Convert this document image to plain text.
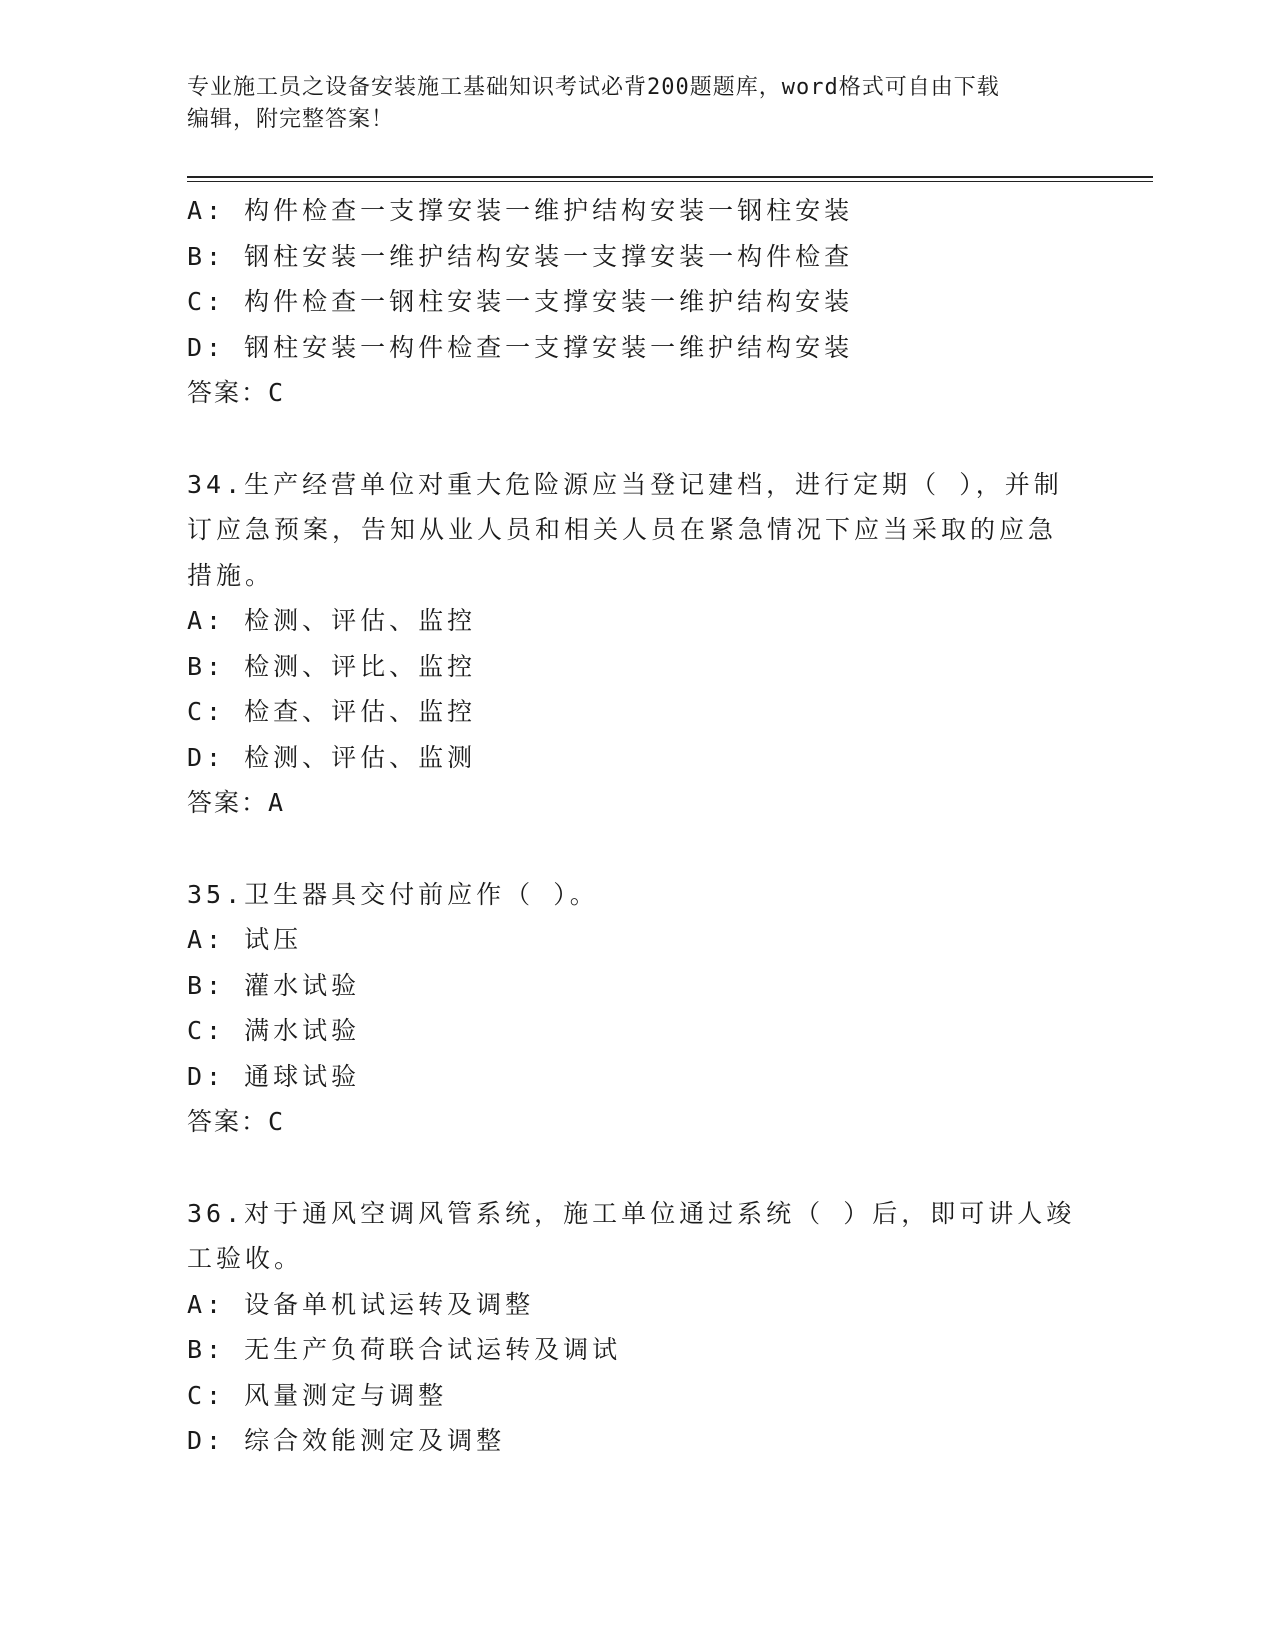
专业施工员之设备安装施工基础知识考试必背200题题库，word格式可自由下载
编辑，附完整答案！
A: 构件检查一支撑安装一维护结构安装一钢柱安装
B: 钢柱安装一维护结构安装一支撑安装一构件检查
C: 构件检查一钢柱安装一支撑安装一维护结构安装
D: 钢柱安装一构件检查一支撑安装一维护结构安装
答案：C
34.生产经营单位对重大危险源应当登记建档，进行定期（ ），并制
订应急预案，告知从业人员和相关人员在紧急情况下应当采取的应急
措施。
A: 检测、评估、监控
B: 检测、评比、监控
C: 检查、评估、监控
D: 检测、评估、监测
答案：A
35.卫生器具交付前应作（ ）。
A: 试压
B: 灌水试验
C: 满水试验
D: 通球试验
答案：C
36.对于通风空调风管系统，施工单位通过系统（ ）后，即可讲人竣
工验收。
A: 设备单机试运转及调整
B: 无生产负荷联合试运转及调试
C: 风量测定与调整
D: 综合效能测定及调整
